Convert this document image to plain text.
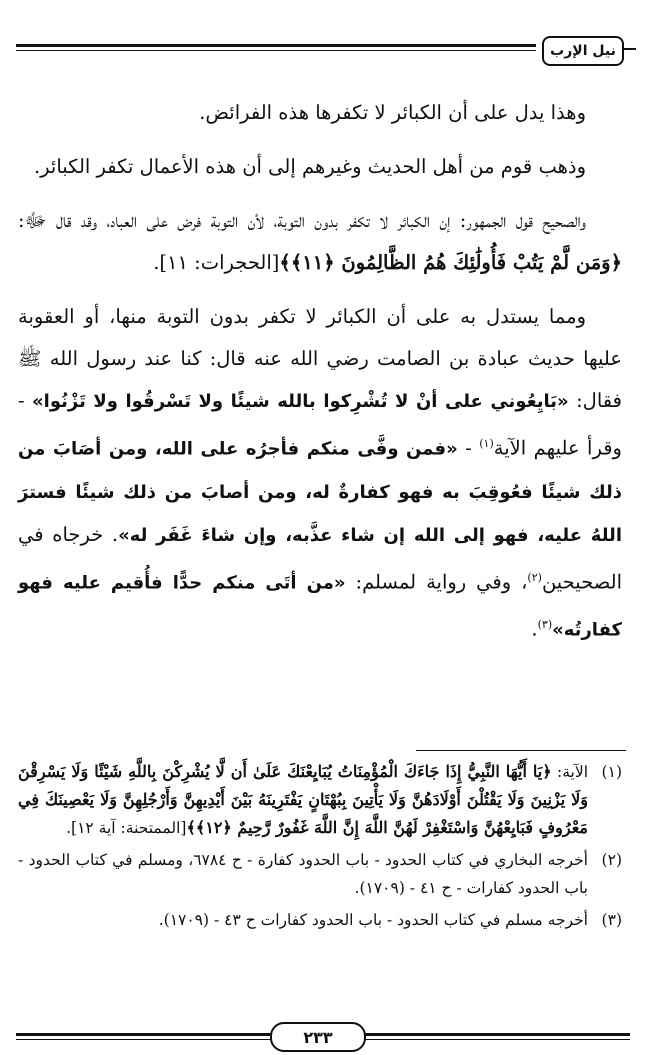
نيل الإرب

وهذا يدل على أن الكبائر لا تكفرها هذه الفرائض.

وذهب قوم من أهل الحديث وغيرهم إلى أن هذه الأعمال تكفر الكبائر.

والصحيح قول الجمهور: إن الكبائر لا تكفر بدون التوبة، لأن التوبة فرض على العباد، وقد قال ﷻ: ﴿وَمَن لَّمْ يَتُبْ فَأُولَٰئِكَ هُمُ الظَّالِمُونَ ﴿١١﴾﴾[الحجرات: ١١].

ومما يستدل به على أن الكبائر لا تكفر بدون التوبة منها، أو العقوبة عليها حديث عبادة بن الصامت رضي الله عنه قال: كنا عند رسول الله ﷺ فقال: «بَايِعُوني على أنْ لا تُشْرِكوا بالله شيئًا ولا تَسْرقُوا ولا تَزْنُوا» - وقرأ عليهم الآية$^{(١)}$ - «فمن وفَّى منكم فأجرُه على الله، ومن أصَابَ من ذلك شيئًا فعُوقِبَ به فهو كفارةٌ له، ومن أصابَ من ذلك شيئًا فسترَ اللهُ عليه، فهو إلى الله إن شاء عذَّبه، وإن شاءَ غَفَر له». خرجاه في الصحيحين$^{(٢)}$، وفي رواية لمسلم: «من أتَى منكم حدًّا فأُقيم عليه فهو كفارتُه»$^{(٣)}$.

(١)
الآية: ﴿يَا أَيُّهَا النَّبِيُّ إِذَا جَاءَكَ الْمُؤْمِنَاتُ يُبَايِعْنَكَ عَلَىٰ أَن لَّا يُشْرِكْنَ بِاللَّهِ شَيْئًا وَلَا يَسْرِقْنَ وَلَا يَزْنِينَ وَلَا يَقْتُلْنَ أَوْلَادَهُنَّ وَلَا يَأْتِينَ بِبُهْتَانٍ يَفْتَرِينَهُ بَيْنَ أَيْدِيهِنَّ وَأَرْجُلِهِنَّ وَلَا يَعْصِينَكَ فِي مَعْرُوفٍ فَبَايِعْهُنَّ وَاسْتَغْفِرْ لَهُنَّ اللَّهَ إِنَّ اللَّهَ غَفُورٌ رَّحِيمٌ ﴿١٢﴾﴾[الممتحنة: آية ١٢].
(٢)
أخرجه البخاري في كتاب الحدود - باب الحدود كفارة - ح ٦٧٨٤، ومسلم في كتاب الحدود - باب الحدود كفارات - ح ٤١ - (١٧٠٩).
(٣)
أخرجه مسلم في كتاب الحدود - باب الحدود كفارات ح ٤٣ - (١٧٠٩).
٢٣٣
